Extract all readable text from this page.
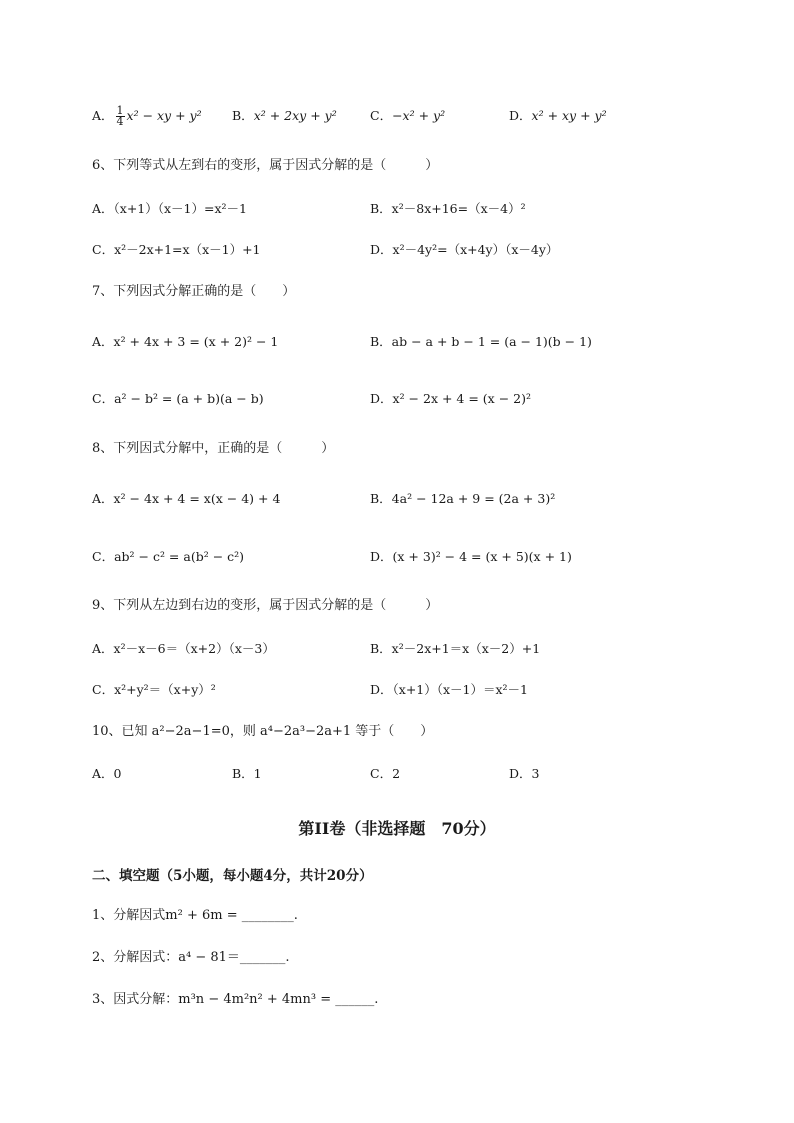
A． $\frac{1}{4} x^2$ − xy + y² B．x² + 2xy + y²	C．−x² + y²	D．x² + xy + y²
6、下列等式从左到右的变形，属于因式分解的是（　　　）
A．（x+1）（x－1）=x²－1	B．x²－8x+16=（x－4）²
C．x²－2x+1=x（x－1）+1	D．x²－4y²=（x+4y）（x－4y）
7、下列因式分解正确的是（　　）
A．x² + 4x + 3 = (x + 2)² − 1	B．ab − a + b − 1 = (a − 1)(b − 1)
C．a² − b² = (a + b)(a − b)	D．x² − 2x + 4 = (x − 2)²
8、下列因式分解中，正确的是（　　　）
A．x² − 4x + 4 = x(x − 4) + 4	B．4a² − 12a + 9 = (2a + 3)²
C．ab² − c² = a(b² − c²)	D．(x + 3)² − 4 = (x + 5)(x + 1)
9、下列从左边到右边的变形，属于因式分解的是（　　　）
A．x²－x－6＝（x+2）（x－3）	B．x²－2x+1＝x（x－2）+1
C．x²+y²＝（x+y）²	D．（x+1）（x－1）＝x²－1
10、已知 a²−2a−1=0，则 a⁴−2a³−2a+1 等于（　　）
A．0	B．1	C．2	D．3
第II卷（非选择题　70分）
二、填空题（5小题，每小题4分，共计20分）
1、分解因式m² + 6m = ________.
2、分解因式：a⁴ − 81＝_______.
3、因式分解：m³n − 4m²n² + 4mn³ = ______.
